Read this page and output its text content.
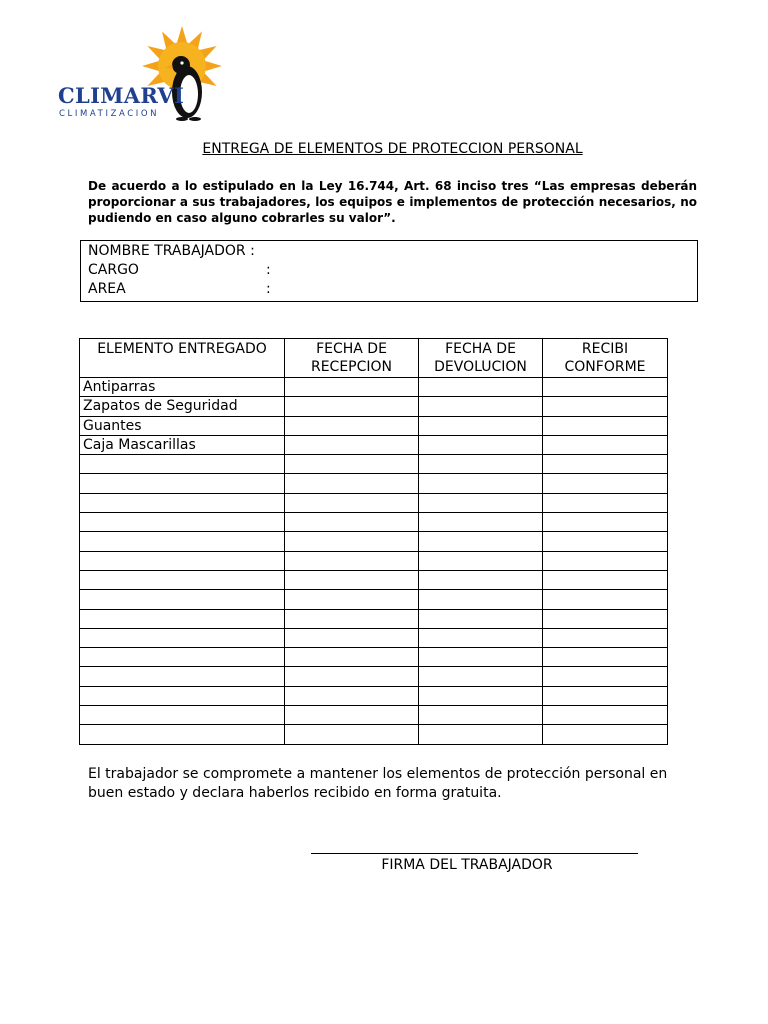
CLIMARVI
CLIMATIZACION
ENTREGA DE ELEMENTOS DE PROTECCION PERSONAL
De acuerdo a lo estipulado en la Ley 16.744, Art. 68 inciso tres “Las empresas deberán proporcionar a sus trabajadores, los equipos e implementos de protección necesarios, no pudiendo en caso alguno cobrarles su valor”.
NOMBRE TRABAJADOR :
CARGO	:
AREA	:
ELEMENTO ENTREGADO	FECHA DE RECEPCION	FECHA DE DEVOLUCION	RECIBI CONFORME
Antiparras			
Zapatos de Seguridad			
Guantes			
Caja Mascarillas			

El trabajador se compromete a mantener los elementos de protección personal en buen estado y declara haberlos recibido en forma gratuita.
FIRMA DEL TRABAJADOR
